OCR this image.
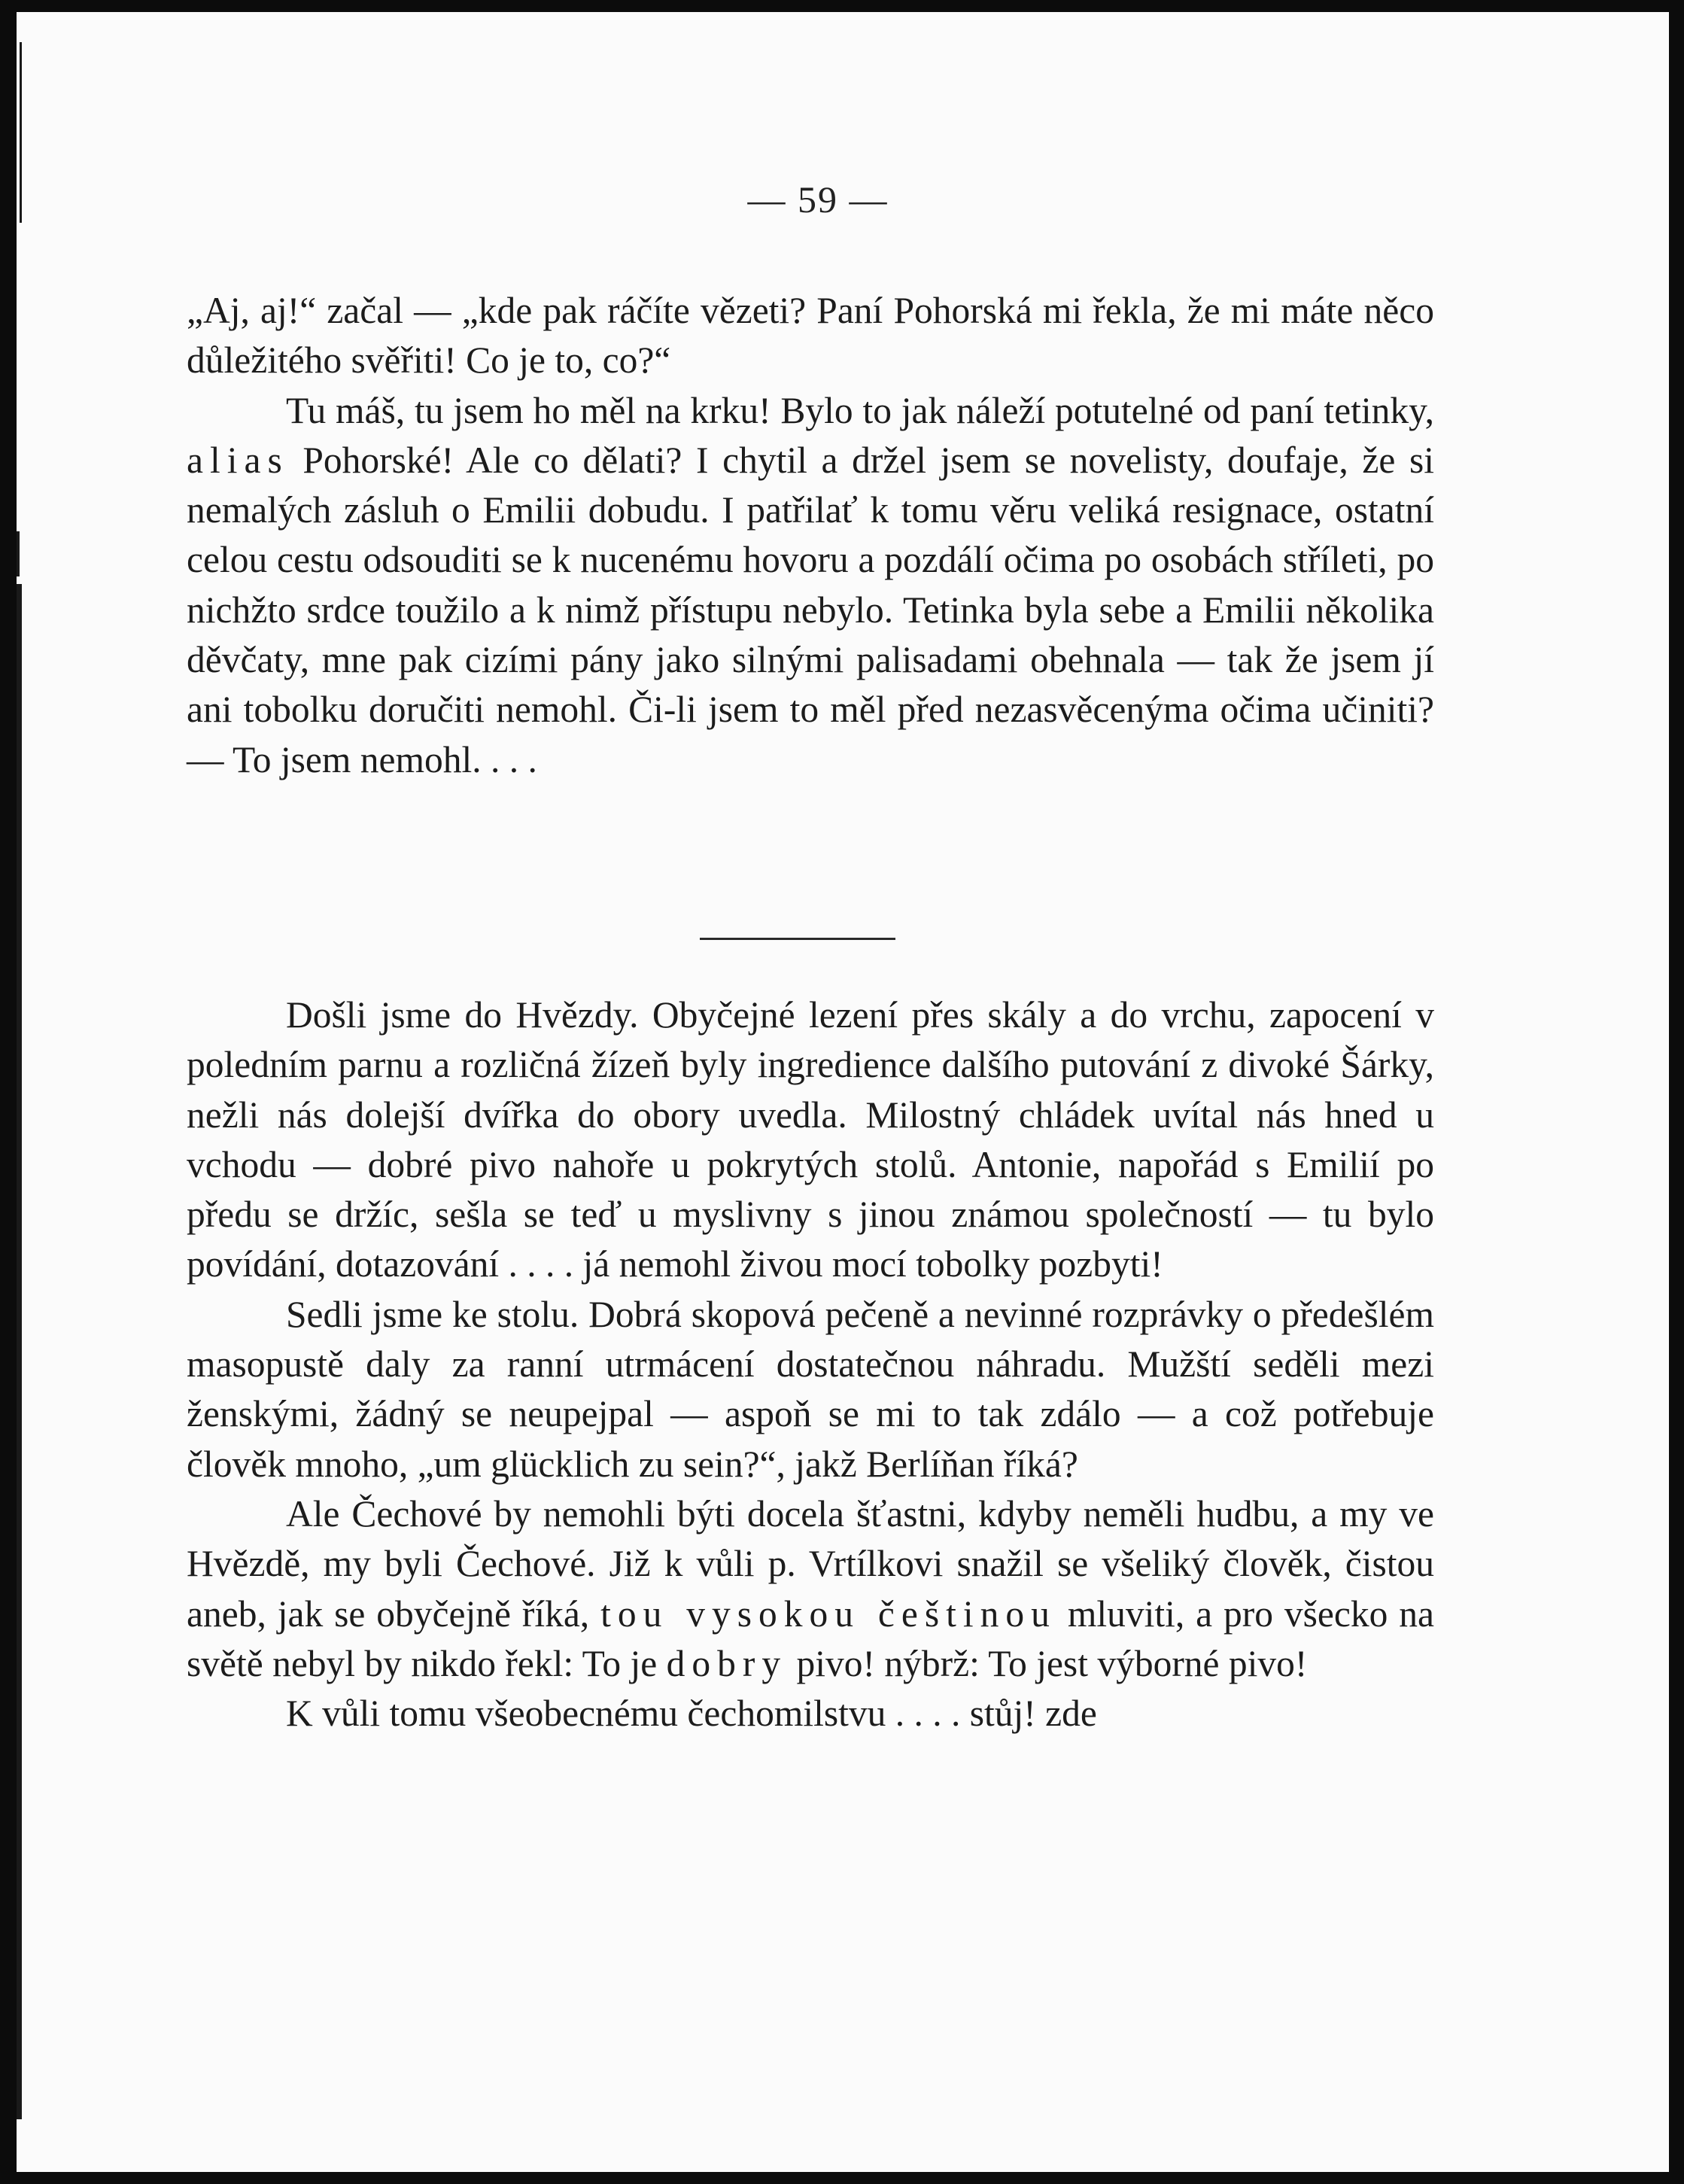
— 59 —

„Aj, aj!“ začal — „kde pak ráčíte vězeti? Paní Pohorská mi řekla, že mi máte něco důležitého svěřiti! Co je to, co?“

Tu máš, tu jsem ho měl na krku! Bylo to jak náleží potutelné od paní tetinky, alias Pohorské! Ale co dělati? I chytil a držel jsem se novelisty, doufaje, že si nemalých zásluh o Emilii dobudu. I patřilať k tomu věru veliká resignace, ostatní celou cestu odsouditi se k nucenému hovoru a pozdálí očima po osobách stříleti, po nichžto srdce toužilo a k nimž přístupu nebylo. Tetinka byla sebe a Emilii několika děvčaty, mne pak cizími pány jako silnými palisadami obehnala — tak že jsem jí ani tobolku doručiti nemohl. Či-li jsem to měl před nezasvěcenýma očima učiniti? — To jsem nemohl. . . .

Došli jsme do Hvězdy. Obyčejné lezení přes skály a do vrchu, zapocení v poledním parnu a rozličná žízeň byly ingredience dalšího putování z divoké Šárky, nežli nás dolejší dvířka do obory uvedla. Milostný chládek uvítal nás hned u vchodu — dobré pivo nahoře u pokrytých stolů. Antonie, napořád s Emilií po předu se držíc, sešla se teď u myslivny s jinou známou společností — tu bylo povídání, dotazování . . . . já nemohl živou mocí tobolky pozbyti!

Sedli jsme ke stolu. Dobrá skopová pečeně a nevinné rozprávky o předešlém masopustě daly za ranní utrmácení dostatečnou náhradu. Mužští seděli mezi ženskými, žádný se neupejpal — aspoň se mi to tak zdálo — a což potřebuje člověk mnoho, „um glücklich zu sein?“, jakž Berlíňan říká?

Ale Čechové by nemohli býti docela šťastni, kdyby neměli hudbu, a my ve Hvězdě, my byli Čechové. Již k vůli p. Vrtílkovi snažil se všeliký člověk, čistou aneb, jak se obyčejně říká, tou vysokou češtinou mluviti, a pro všecko na světě nebyl by nikdo řekl: To je dobry pivo! nýbrž: To jest výborné pivo!

K vůli tomu všeobecnému čechomilstvu . . . . stůj! zde
